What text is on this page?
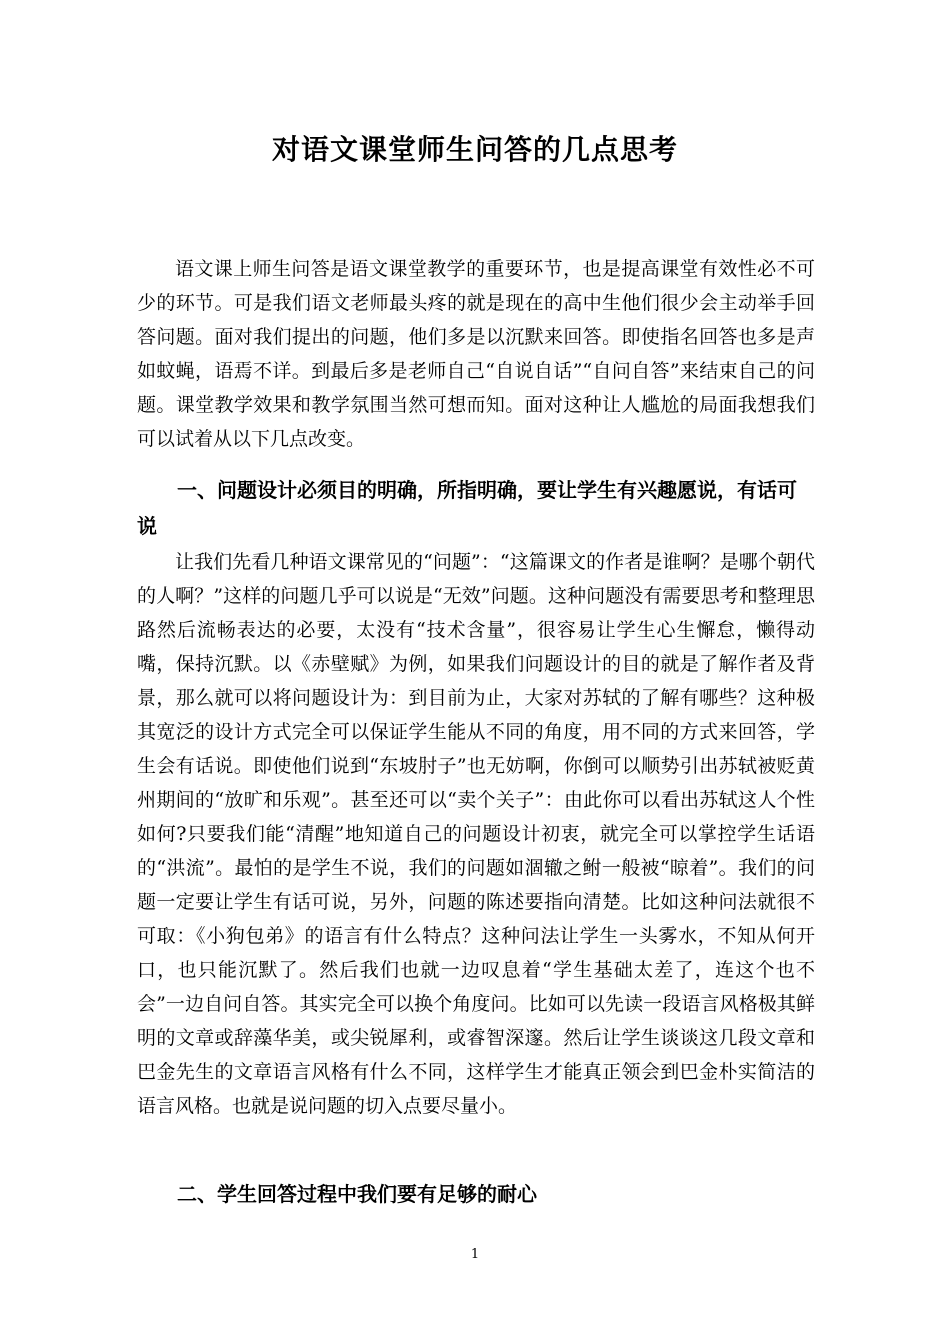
对语文课堂师生问答的几点思考

语文课上师生问答是语文课堂教学的重要环节，也是提高课堂有效性必不可少的环节。可是我们语文老师最头疼的就是现在的高中生他们很少会主动举手回答问题。面对我们提出的问题，他们多是以沉默来回答。即使指名回答也多是声如蚊蝇，语焉不详。到最后多是老师自己“自说自话”“自问自答”来结束自己的问题。课堂教学效果和教学氛围当然可想而知。面对这种让人尴尬的局面我想我们可以试着从以下几点改变。

一、问题设计必须目的明确，所指明确，要让学生有兴趣愿说，有话可说

让我们先看几种语文课常见的“问题”：“这篇课文的作者是谁啊？是哪个朝代的人啊？”这样的问题几乎可以说是“无效”问题。这种问题没有需要思考和整理思路然后流畅表达的必要，太没有“技术含量”，很容易让学生心生懈怠，懒得动嘴，保持沉默。以《赤壁赋》为例，如果我们问题设计的目的就是了解作者及背景，那么就可以将问题设计为：到目前为止，大家对苏轼的了解有哪些？这种极其宽泛的设计方式完全可以保证学生能从不同的角度，用不同的方式来回答，学生会有话说。即使他们说到“东坡肘子”也无妨啊，你倒可以顺势引出苏轼被贬黄州期间的“放旷和乐观”。甚至还可以“卖个关子”：由此你可以看出苏轼这人个性如何?只要我们能“清醒”地知道自己的问题设计初衷，就完全可以掌控学生话语的“洪流”。最怕的是学生不说，我们的问题如涸辙之鲋一般被“晾着”。我们的问题一定要让学生有话可说，另外，问题的陈述要指向清楚。比如这种问法就很不可取：《小狗包弟》的语言有什么特点？这种问法让学生一头雾水，不知从何开口，也只能沉默了。然后我们也就一边叹息着“学生基础太差了，连这个也不会”一边自问自答。其实完全可以换个角度问。比如可以先读一段语言风格极其鲜明的文章或辞藻华美，或尖锐犀利，或睿智深邃。然后让学生谈谈这几段文章和巴金先生的文章语言风格有什么不同，这样学生才能真正领会到巴金朴实简洁的语言风格。也就是说问题的切入点要尽量小。

二、学生回答过程中我们要有足够的耐心

1
